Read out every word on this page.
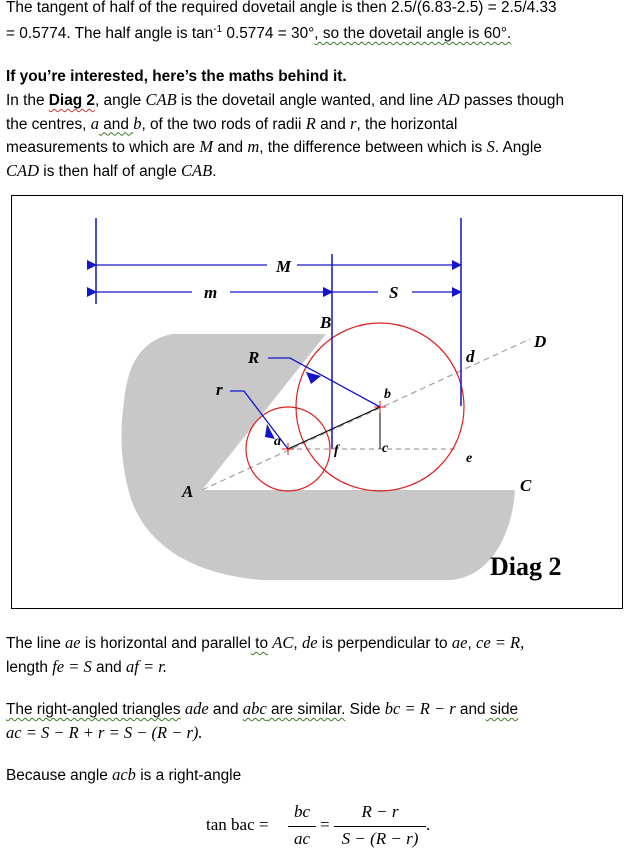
The tangent of half of the required dovetail angle is then 2.5/(6.83-2.5) = 2.5/4.33
= 0.5774. The half angle is $\tan^{-1} 0.5774 = 30^\circ$, so the dovetail angle is 60°.
If you’re interested, here’s the maths behind it.
In the Diag 2, angle CAB is the dovetail angle wanted, and line AD passes though
the centres, a and b, of the two rods of radii R and r, the horizontal
measurements to which are M and m, the difference between which is S. Angle
CAD is then half of angle CAB.
M
m	S
B
D
R
r
d
b
a
f	c
e
A	C
Diag 2
The line ae is horizontal and parallel to AC, de is perpendicular to ae, ce = R,
length fe = S and af = r.
The right-angled triangles ade and abc are similar. Side bc = R − r and side
ac = S − R + r = S − (R − r).
Because angle acb is a right-angle
tan bac =
bc
ac
=
R − r
S − (R − r)
.
